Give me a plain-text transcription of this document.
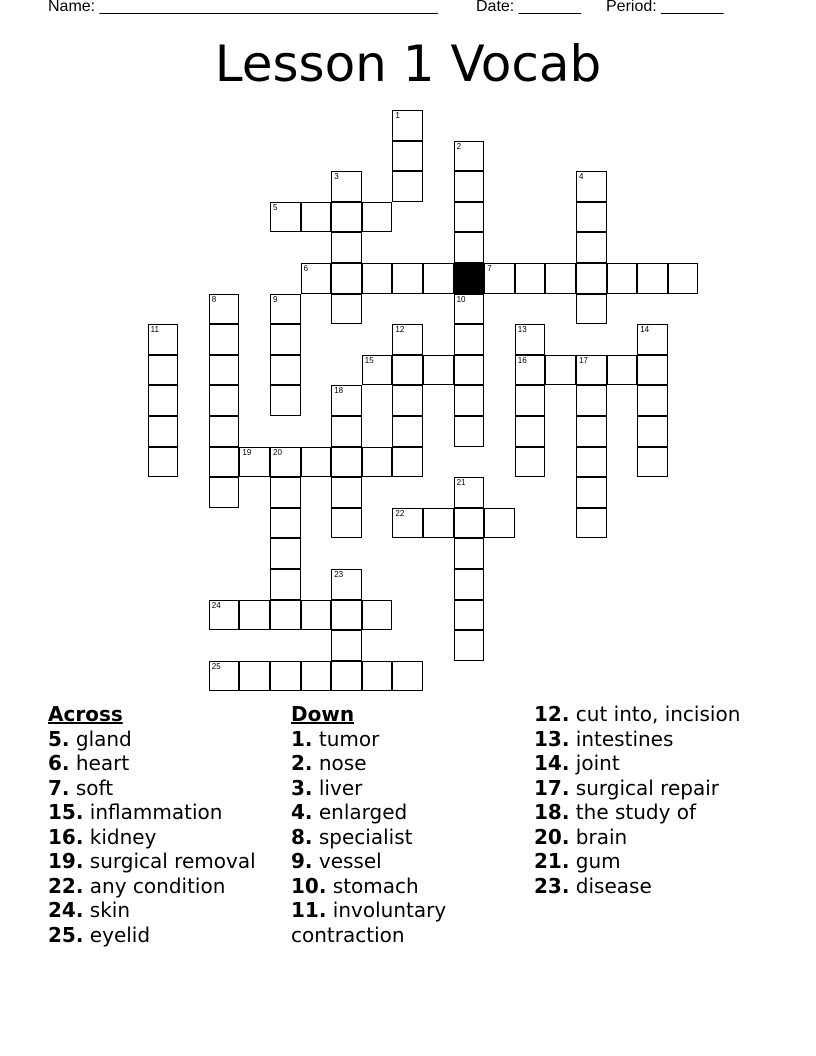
Name: ______________________________________ Date: _______ Period: _______
Lesson 1 Vocab
1
2
3	4
5
6	7
8	9	10
11	12	13	14
15	16	17
18
19	20
21
22
23
24
25
Across
5. gland
6. heart
7. soft
15. inflammation
16. kidney
19. surgical removal
22. any condition
24. skin
25. eyelid
Down
1. tumor
2. nose
3. liver
4. enlarged
8. specialist
9. vessel
10. stomach
11. involuntary contraction
12. cut into, incision
13. intestines
14. joint
17. surgical repair
18. the study of
20. brain
21. gum
23. disease
